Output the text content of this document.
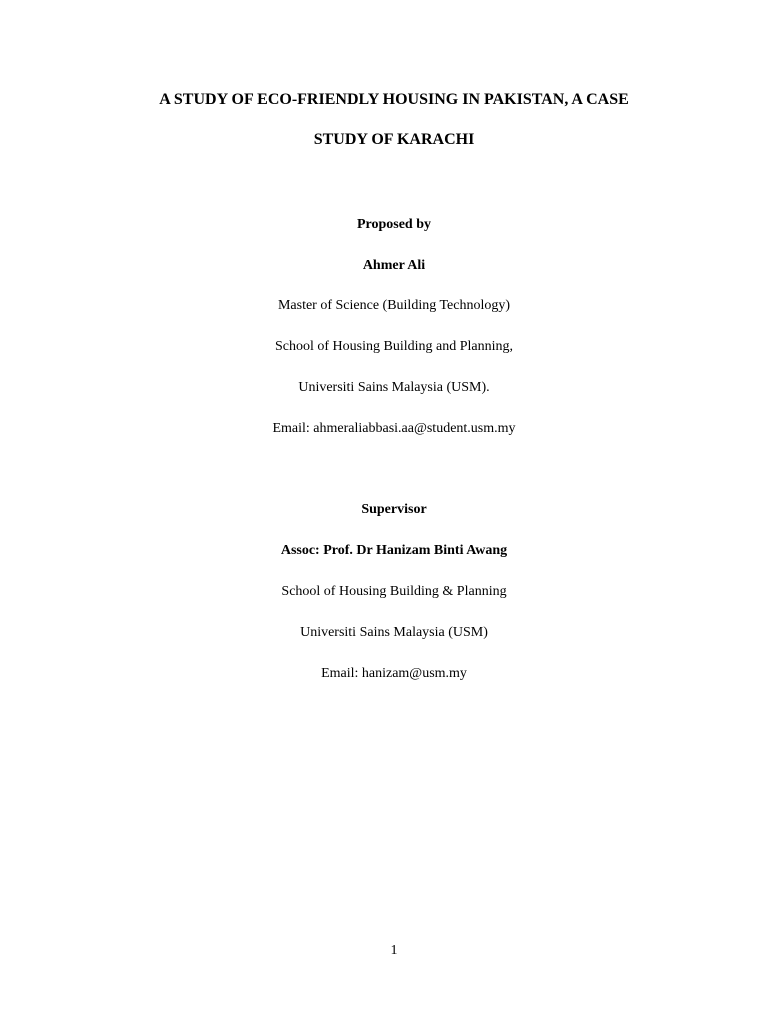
A STUDY OF ECO-FRIENDLY HOUSING IN PAKISTAN, A CASE
STUDY OF KARACHI
Proposed by
Ahmer Ali
Master of Science (Building Technology)
School of Housing Building and Planning,
Universiti Sains Malaysia (USM).
Email: ahmeraliabbasi.aa@student.usm.my
Supervisor
Assoc: Prof. Dr Hanizam Binti Awang
School of Housing Building & Planning
Universiti Sains Malaysia (USM)
Email: hanizam@usm.my
1
